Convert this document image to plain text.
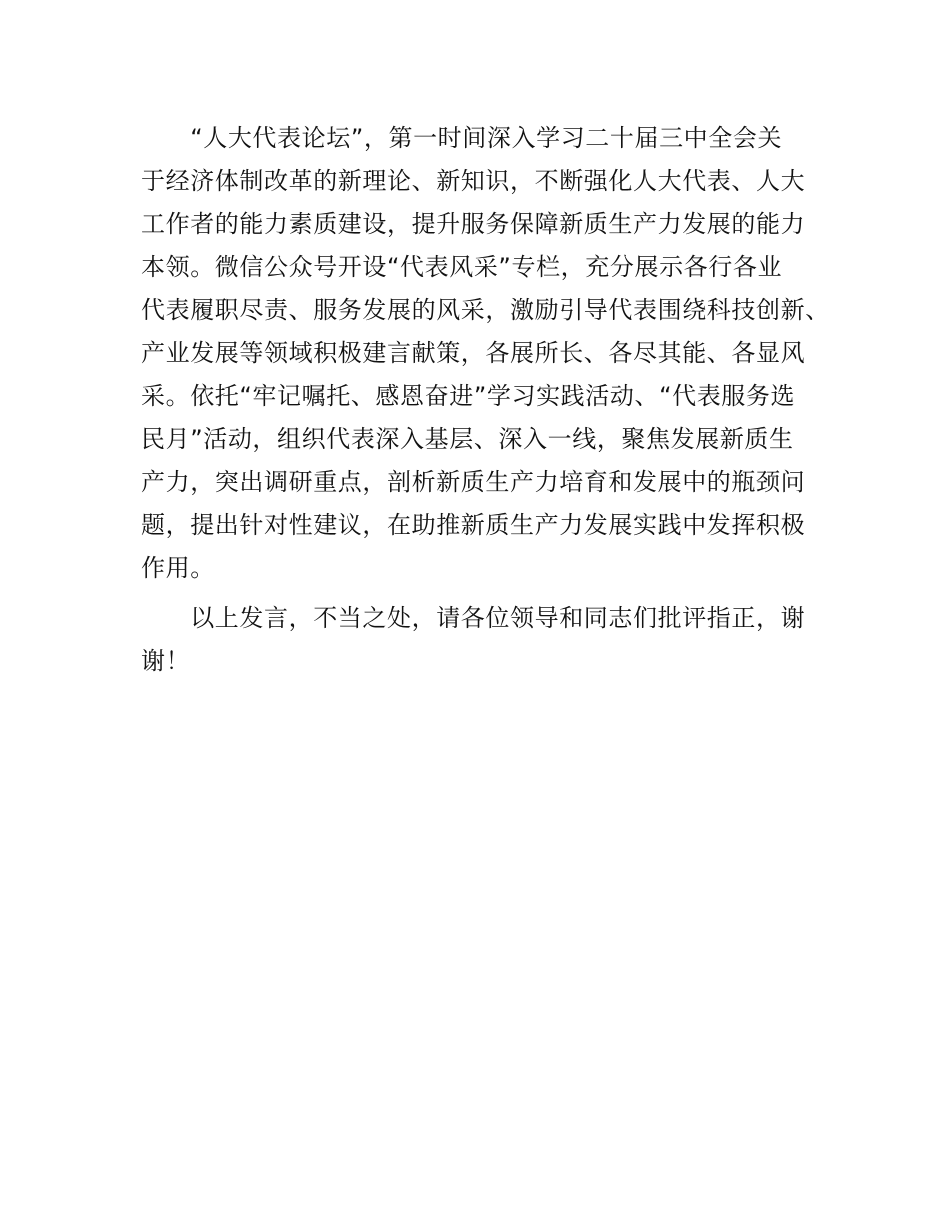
　　“人大代表论坛”，第一时间深入学习二十届三中全会关
于经济体制改革的新理论、新知识，不断强化人大代表、人大
工作者的能力素质建设，提升服务保障新质生产力发展的能力
本领。微信公众号开设“代表风采”专栏，充分展示各行各业
代表履职尽责、服务发展的风采，激励引导代表围绕科技创新、
产业发展等领域积极建言献策，各展所长、各尽其能、各显风
采。依托“牢记嘱托、感恩奋进”学习实践活动、“代表服务选
民月”活动，组织代表深入基层、深入一线，聚焦发展新质生
产力，突出调研重点，剖析新质生产力培育和发展中的瓶颈问
题，提出针对性建议，在助推新质生产力发展实践中发挥积极
作用。
　　以上发言，不当之处，请各位领导和同志们批评指正，谢
谢！
